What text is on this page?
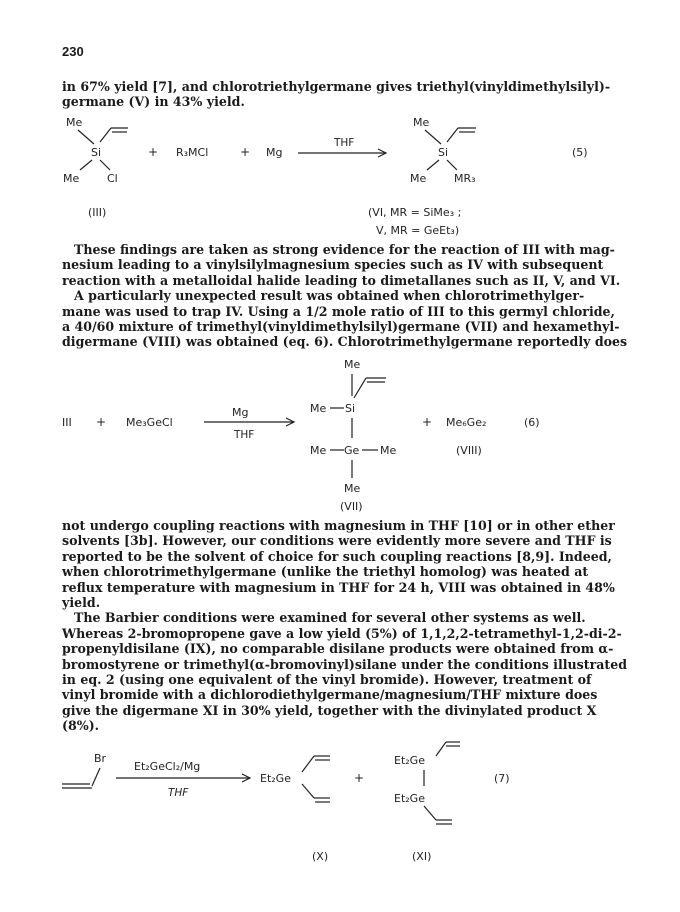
230
in 67% yield [7], and chlorotriethylgermane gives triethyl(vinyldimethylsilyl)-
germane (V) in 43% yield.
Me
Si
Me	Cl
+ R₃MCl	+ Mg
THF
Me
Si
Me	MR₃
(5)
(III)	(VI, MR = SiMe₃ ;
V, MR = GeEt₃)
These findings are taken as strong evidence for the reaction of III with mag-
nesium leading to a vinylsilylmagnesium species such as IV with subsequent
reaction with a metalloidal halide leading to dimetallanes such as II, V, and VI.
A particularly unexpected result was obtained when chlorotrimethylger-
mane was used to trap IV. Using a 1/2 mole ratio of III to this germyl chloride,
a 40/60 mixture of trimethyl(vinyldimethylsilyl)germane (VII) and hexamethyl-
digermane (VIII) was obtained (eq. 6). Chlorotrimethylgermane reportedly does
Me
Me Si
III + Me₃GeCl
Mg
THF
+ Me₆Ge₂	(6)
Me Ge Me	(VIII)
Me
(VII)
not undergo coupling reactions with magnesium in THF [10] or in other ether
solvents [3b]. However, our conditions were evidently more severe and THF is
reported to be the solvent of choice for such coupling reactions [8,9]. Indeed,
when chlorotrimethylgermane (unlike the triethyl homolog) was heated at
reflux temperature with magnesium in THF for 24 h, VIII was obtained in 48%
yield.
The Barbier conditions were examined for several other systems as well.
Whereas 2-bromopropene gave a low yield (5%) of 1,1,2,2-tetramethyl-1,2-di-2-
propenyldisilane (IX), no comparable disilane products were obtained from α-
bromostyrene or trimethyl(α-bromovinyl)silane under the conditions illustrated
in eq. 2 (using one equivalent of the vinyl bromide). However, treatment of
vinyl bromide with a dichlorodiethylgermane/magnesium/THF mixture does
give the digermane XI in 30% yield, together with the divinylated product X
(8%).
Br
Et₂GeCl₂/Mg
THF
Et₂Ge	+
Et₂Ge
Et₂Ge
(7)
(X)	(XI)
